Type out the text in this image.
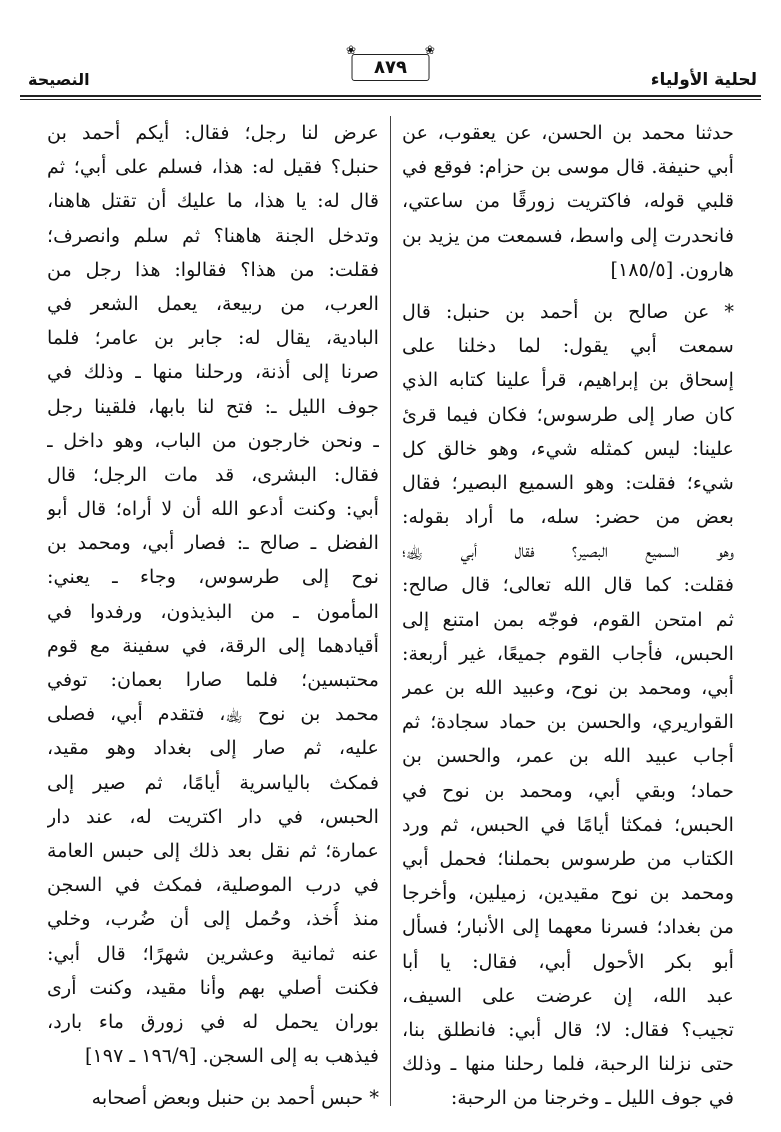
لحلية الأولياء
❀
٨٧٩
❀
النصيحة
حدثنا محمد بن الحسن، عن يعقوب، عن
أبي حنيفة. قال موسى بن حزام: فوقع في
قلبي قوله، فاكتريت زورقًا من ساعتي،
فانحدرت إلى واسط، فسمعت من يزيد بن
هارون. [١٨٥/٥]
* عن صالح بن أحمد بن حنبل: قال
سمعت أبي يقول: لما دخلنا على
إسحاق بن إبراهيم، قرأ علينا كتابه الذي
كان صار إلى طرسوس؛ فكان فيما قرئ
علينا: ليس كمثله شيء، وهو خالق كل
شيء؛ فقلت: وهو السميع البصير؛ فقال
بعض من حضر: سله، ما أراد بقوله:
وهو السميع البصير؟ فقال أبي ﵀؛
فقلت: كما قال الله تعالى؛ قال صالح:
ثم امتحن القوم، فوجّه بمن امتنع إلى
الحبس، فأجاب القوم جميعًا، غير أربعة:
أبي، ومحمد بن نوح، وعبيد الله بن عمر
القواريري، والحسن بن حماد سجادة؛ ثم
أجاب عبيد الله بن عمر، والحسن بن
حماد؛ وبقي أبي، ومحمد بن نوح في
الحبس؛ فمكثا أيامًا في الحبس، ثم ورد
الكتاب من طرسوس بحملنا؛ فحمل أبي
ومحمد بن نوح مقيدين، زميلين، وأخرجا
من بغداد؛ فسرنا معهما إلى الأنبار؛ فسأل
أبو بكر الأحول أبي، فقال: يا أبا
عبد الله، إن عرضت على السيف،
تجيب؟ فقال: لا؛ قال أبي: فانطلق بنا،
حتى نزلنا الرحبة، فلما رحلنا منها ـ وذلك
في جوف الليل ـ وخرجنا من الرحبة:
عرض لنا رجل؛ فقال: أيكم أحمد بن
حنبل؟ فقيل له: هذا، فسلم على أبي؛ ثم
قال له: يا هذا، ما عليك أن تقتل هاهنا،
وتدخل الجنة هاهنا؟ ثم سلم وانصرف؛
فقلت: من هذا؟ فقالوا: هذا رجل من
العرب، من ربيعة، يعمل الشعر في
البادية، يقال له: جابر بن عامر؛ فلما
صرنا إلى أذنة، ورحلنا منها ـ وذلك في
جوف الليل ـ: فتح لنا بابها، فلقينا رجل
ـ ونحن خارجون من الباب، وهو داخل ـ
فقال: البشرى، قد مات الرجل؛ قال
أبي: وكنت أدعو الله أن لا أراه؛ قال أبو
الفضل ـ صالح ـ: فصار أبي، ومحمد بن
نوح إلى طرسوس، وجاء ـ يعني:
المأمون ـ من البذيذون، ورفدوا في
أقيادهما إلى الرقة، في سفينة مع قوم
محتبسين؛ فلما صارا بعمان: توفي
محمد بن نوح ﵀، فتقدم أبي، فصلى
عليه، ثم صار إلى بغداد وهو مقيد،
فمكث بالياسرية أيامًا، ثم صير إلى
الحبس، في دار اكتريت له، عند دار
عمارة؛ ثم نقل بعد ذلك إلى حبس العامة
في درب الموصلية، فمكث في السجن
منذ أُخذ، وحُمل إلى أن ضُرب، وخلي
عنه ثمانية وعشرين شهرًا؛ قال أبي:
فكنت أصلي بهم وأنا مقيد، وكنت أرى
بوران يحمل له في زورق ماء بارد،
فيذهب به إلى السجن. [١٩٦/٩ ـ ١٩٧]
* حبس أحمد بن حنبل وبعض أصحابه
